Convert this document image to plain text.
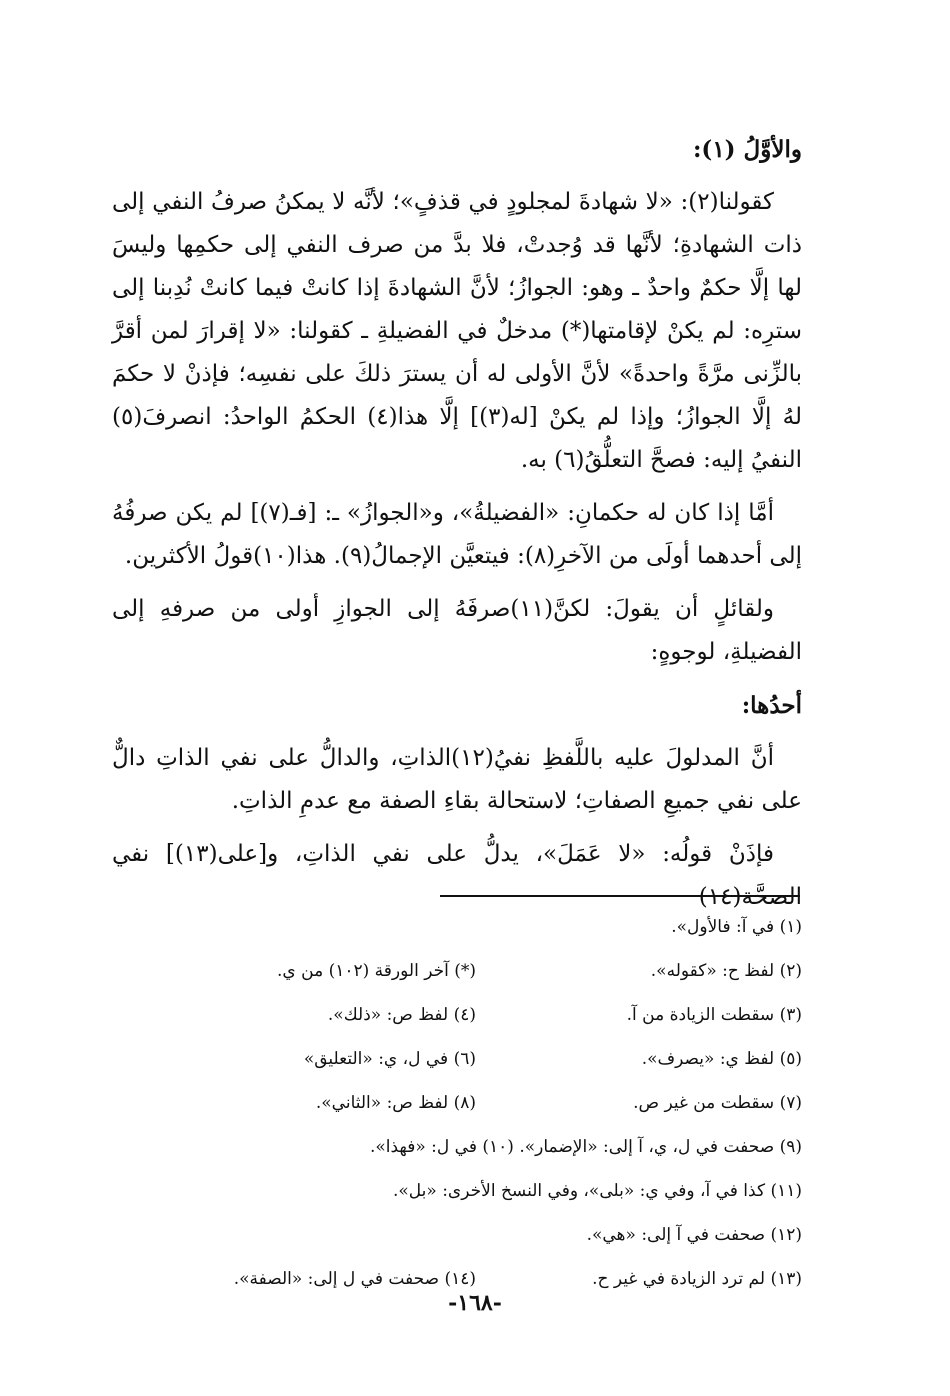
والأوَّلُ (١):

كقولنا(٢): «لا شهادةَ لمجلودٍ في قذفٍ»؛ لأنَّه لا يمكنُ صرفُ النفي إلى ذات الشهادةِ؛ لأنَّها قد وُجدتْ، فلا بدَّ من صرف النفي إلى حكمِها وليسَ لها إلَّا حكمٌ واحدٌ ـ وهو: الجوازُ؛ لأنَّ الشهادةَ إذا كانتْ فيما كانتْ نُدِبنا إلى سترِه: لم يكنْ لإقامتها(*) مدخلٌ في الفضيلةِ ـ كقولنا: «لا إقرارَ لمن أقرَّ بالزِّنى مرَّةً واحدةً» لأنَّ الأولى له أن يسترَ ذلكَ على نفسِه؛ فإذنْ لا حكمَ لهُ إلَّا الجوازُ؛ وإذا لم يكنْ [له(٣)] إلَّا هذا(٤) الحكمُ الواحدُ: انصرفَ(٥) النفيُ إليه: فصحَّ التعلُّقُ(٦) به.

أمَّا إذا كان له حكمانِ: «الفضيلةُ»، و«الجوازُ» ـ: [فـ(٧)] لم يكن صرفُهُ إلى أحدهما أولَى من الآخرِ(٨): فيتعيَّن الإجمالُ(٩). هذا(١٠)قولُ الأكثرين.

ولقائلٍ أن يقولَ: لكنَّ(١١)صرفَهُ إلى الجوازِ أولى من صرفهِ إلى الفضيلةِ، لوجوهٍ:

أحدُها:

أنَّ المدلولَ عليه باللَّفظِ نفيُ(١٢)الذاتِ، والدالُّ على نفي الذاتِ دالٌّ على نفي جميعِ الصفاتِ؛ لاستحالة بقاءِ الصفة مع عدمِ الذاتِ.

فإذَنْ قولُه: «لا عَمَلَ»، يدلُّ على نفي الذاتِ، و[على(١٣)] نفي الصحَّة(١٤)

(١) في آ: فالأول».
(٢) لفظ ح: «كقوله».
(*) آخر الورقة (١٠٢) من ي.
(٣) سقطت الزيادة من آ.
(٤) لفظ ص: «ذلك».
(٥) لفظ ي: «يصرف».
(٦) في ل، ي: «التعليق»
(٧) سقطت من غير ص.
(٨) لفظ ص: «الثاني».
(٩) صحفت في ل، ي، آ إلى: «الإضمار». (١٠) في ل: «فهذا».
(١١) كذا في آ، وفي ي: «بلى»، وفي النسخ الأخرى: «بل».
(١٢) صحفت في آ إلى: «هي».
(١٣) لم ترد الزيادة في غير ح.
(١٤) صحفت في ل إلى: «الصفة».
-١٦٨-
